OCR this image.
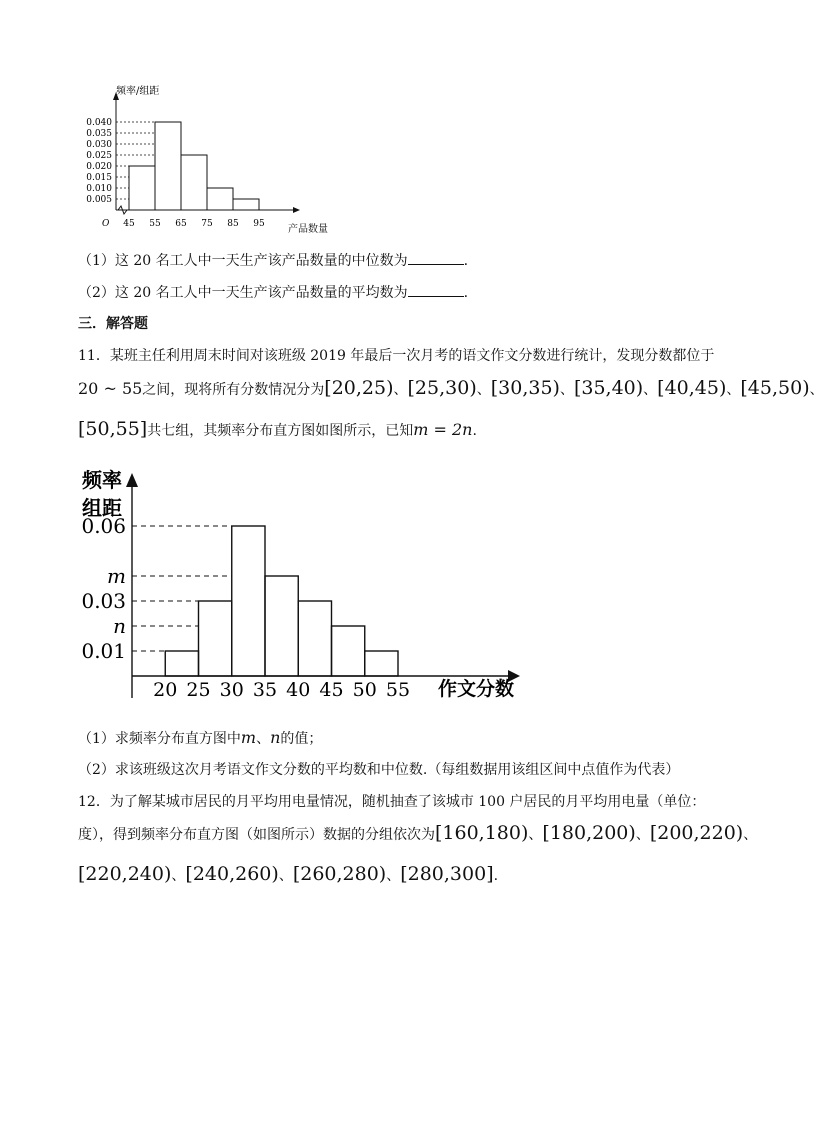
0.040
0.035
0.030
0.025
0.020
0.015
0.010
0.005
45 55 65 75 85 95
频率/组距
产品数量
O
（1）这 20 名工人中一天生产该产品数量的中位数为	.
（2）这 20 名工人中一天生产该产品数量的平均数为	.
三．解答题
11．某班主任利用周末时间对该班级 2019 年最后一次月考的语文作文分数进行统计，发现分数都位于
20 ~ 55之间，现将所有分数情况分为[20,25)、[25,30)、[30,35)、[35,40)、[40,45)、[45,50)、
[50,55]共七组，其频率分布直方图如图所示，已知m = 2n.
0.06
m
0.03
n
0.01
20 25 30 35 40 45 50 55
频率
组距
作文分数
（1）求频率分布直方图中m、n的值；
（2）求该班级这次月考语文作文分数的平均数和中位数.（每组数据用该组区间中点值作为代表）
12．为了解某城市居民的月平均用电量情况，随机抽查了该城市 100 户居民的月平均用电量（单位：
度），得到频率分布直方图（如图所示）数据的分组依次为[160,180)、[180,200)、[200,220)、
[220,240)、[240,260)、[260,280)、[280,300].
